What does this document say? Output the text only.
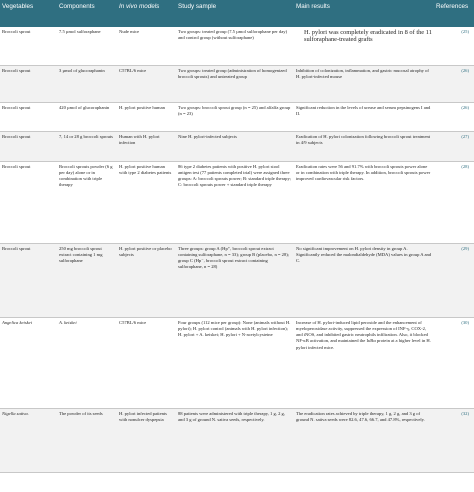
Vegetables	Components	In vivo models	Study sample	Main results	References
Broccoli sprout	7.5 µmol sulforaphane	Nude mice	Two groups: treated group (7.5 µmol sulforaphane per day) and control group (without sulforaphane)	H. pylori was completely eradicated in 8 of the 11 sulforaphane-treated grafts	(25)
Broccoli sprout	3 µmol of glucoraphanin	C57BL/6 mice	Two groups: treated group (administration of homogenized broccoli sprouts) and untreated group	Inhibition of colonization, inflammation, and gastric mucosal atrophy of H. pylori-infected mouse	(26)
Broccoli sprout	420 µmol of glucoraphanin	H. pylori positive human	Two groups: broccoli sprout group (n = 25) and alfalfa group (n = 23)	Significant reduction in the levels of urease and serum pepsinogens I and II.	(26)
Broccoli sprout	7, 14 or 28 g broccoli sprouts	Human with H. pylori infection	Nine H. pylori-infected subjects	Eradication of H. pylori colonization following broccoli sprout treatment in 4/9 subjects	(27)
Broccoli sprout	Broccoli sprouts powder (6 g per day) alone or in combination with triple therapy	H. pylori positive human with type 2 diabetes patients	86 type 2 diabetes patients with positive H. pylori stool antigen test (77 patients completed trial) were assigned three groups: A: broccoli sprouts power; B: standard triple therapy; C: broccoli sprouts power + standard triple therapy	Eradication rates were 56 and 91.7% with broccoli sprouts power alone or in combination with triple therapy. In addition, broccoli sprouts power improved cardiovascular risk factors.	(28)
Broccoli sprout	250 mg broccoli sprout extract containing 1 mg sulforaphane	H. pylori positive or placebo subjects	Three groups: group A (Hp⁺, broccoli sprout extract containing sulforaphane, n = 33); group B (placebo, n = 28); group C (Hp⁻, broccoli sprout extract containing sulforaphane, n = 28)	No significant improvement on H. pylori density in group A. Significantly reduced the malondialdehyde (MDA) values in group A and C.	(29)
Angelica keiskei	A. keiskei	C57BL/6 mice	Four groups (112 mice per group): None (animals without H. pylori); H. pylori control (animals with H. pylori infection); H. pylori + A. keiskei; H. pylori + N-acetylcysteine	Increase of H. pylori-induced lipid peroxide and the enhancement of myeloperoxidase activity, suppressed the expression of INF-γ, COX-2, and iNOS, and inhibited gastric neutrophils infiltration. Also, it blocked NF-κB activation, and maintained the IκBα protein at a higher level in H. pylori infected mice.	(30)
Nigella sativa.	The powder of its seeds	H. pylori infected patients with nonulcer dyspepsia	88 patients were administered with triple therapy, 1 g, 2 g, and 3 g of ground N. sativa seeds, respectively.	The eradication rates achieved by triple therapy, 1 g, 2 g, and 3 g of ground N. sativa seeds were 82.6, 47.6, 66.7, and 47.8%, respectively.	(32)
